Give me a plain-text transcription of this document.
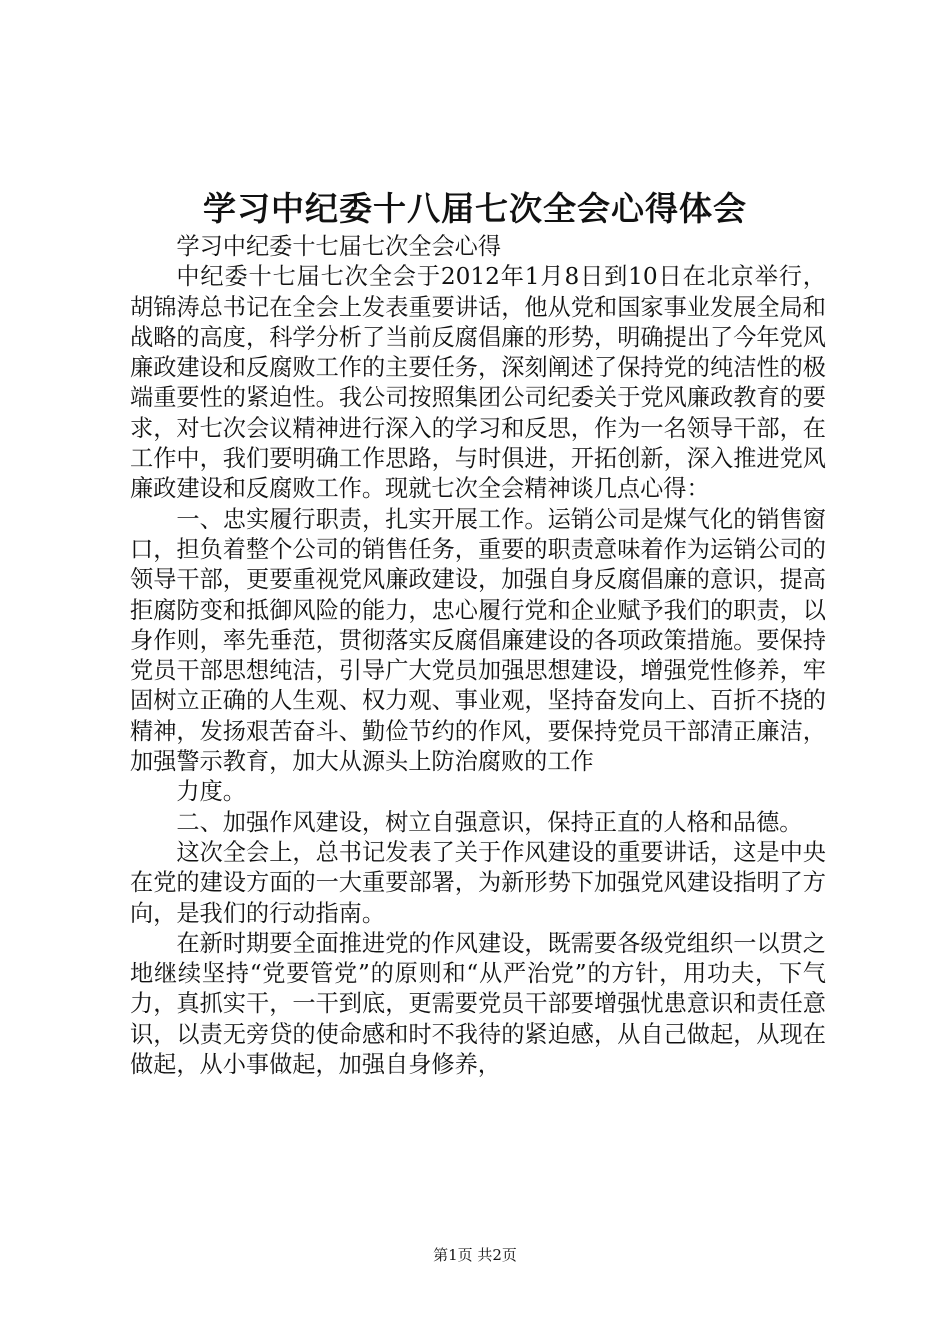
学习中纪委十八届七次全会心得体会

学习中纪委十七届七次全会心得

中纪委十七届七次全会于2012年1月8日到10日在北京举行，胡锦涛总书记在全会上发表重要讲话，他从党和国家事业发展全局和战略的高度，科学分析了当前反腐倡廉的形势，明确提出了今年党风廉政建设和反腐败工作的主要任务，深刻阐述了保持党的纯洁性的极端重要性的紧迫性。我公司按照集团公司纪委关于党风廉政教育的要求，对七次会议精神进行深入的学习和反思，作为一名领导干部，在工作中，我们要明确工作思路，与时俱进，开拓创新，深入推进党风廉政建设和反腐败工作。现就七次全会精神谈几点心得：

一、忠实履行职责，扎实开展工作。运销公司是煤气化的销售窗口，担负着整个公司的销售任务，重要的职责意味着作为运销公司的领导干部，更要重视党风廉政建设，加强自身反腐倡廉的意识，提高拒腐防变和抵御风险的能力，忠心履行党和企业赋予我们的职责，以身作则，率先垂范，贯彻落实反腐倡廉建设的各项政策措施。要保持党员干部思想纯洁，引导广大党员加强思想建设，增强党性修养，牢固树立正确的人生观、权力观、事业观，坚持奋发向上、百折不挠的精神，发扬艰苦奋斗、勤俭节约的作风，要保持党员干部清正廉洁，加强警示教育，加大从源头上防治腐败的工作

力度。

二、加强作风建设，树立自强意识，保持正直的人格和品德。

这次全会上，总书记发表了关于作风建设的重要讲话，这是中央在党的建设方面的一大重要部署，为新形势下加强党风建设指明了方向，是我们的行动指南。

在新时期要全面推进党的作风建设，既需要各级党组织一以贯之地继续坚持“党要管党”的原则和“从严治党”的方针，用功夫，下气力，真抓实干，一干到底，更需要党员干部要增强忧患意识和责任意识，以责无旁贷的使命感和时不我待的紧迫感，从自己做起，从现在做起，从小事做起，加强自身修养，

第1页 共2页
